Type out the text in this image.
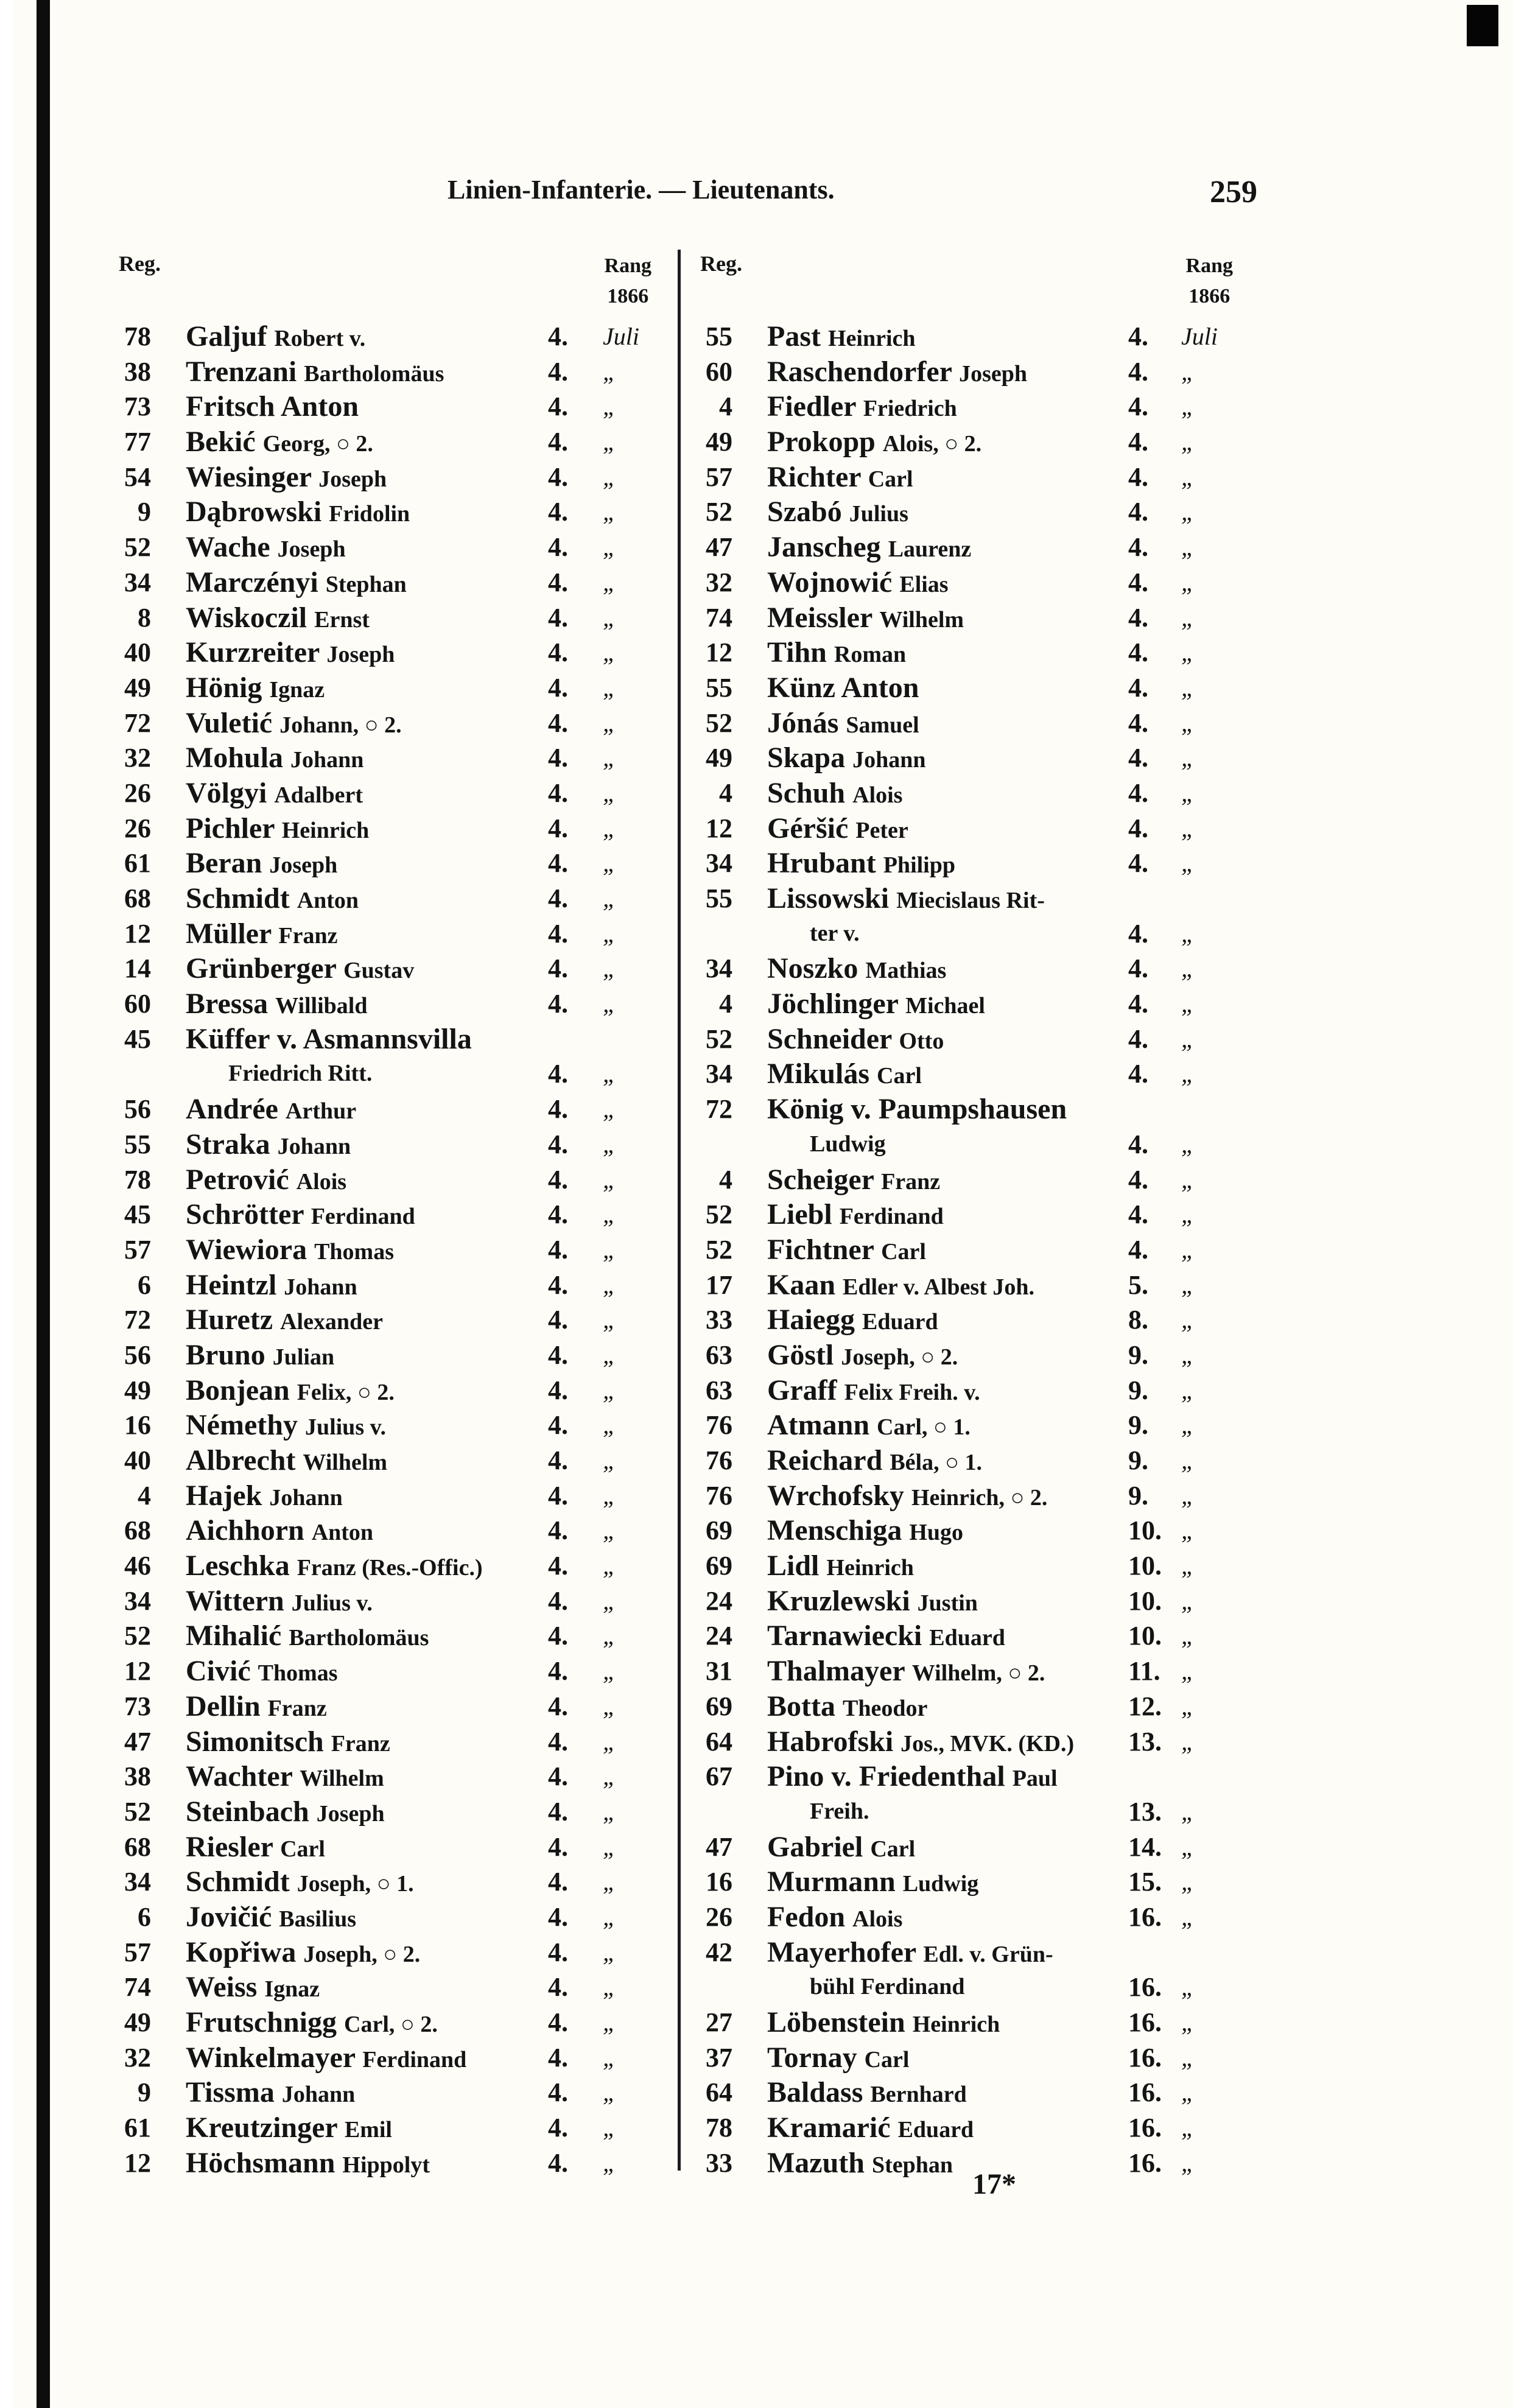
Linien-Infanterie. — Lieutenants.	259
Reg.	Rang
1866
78 Galjuf Robert v.	4. Juli
38 Trenzani Bartholomäus	4. „
73 Fritsch Anton	4. „
77 Bekić Georg, ○ 2.	4. „
54 Wiesinger Joseph	4. „
9 Dąbrowski Fridolin	4. „
52 Wache Joseph	4. „
34 Marczényi Stephan	4. „
8 Wiskoczil Ernst	4. „
40 Kurzreiter Joseph	4. „
49 Hönig Ignaz	4. „
72 Vuletić Johann, ○ 2.	4. „
32 Mohula Johann	4. „
26 Völgyi Adalbert	4. „
26 Pichler Heinrich	4. „
61 Beran Joseph	4. „
68 Schmidt Anton	4. „
12 Müller Franz	4. „
14 Grünberger Gustav	4. „
60 Bressa Willibald	4. „
45 Küffer v. Asmannsvilla
Friedrich Ritt.	4. „
56 Andrée Arthur	4. „
55 Straka Johann	4. „
78 Petrović Alois	4. „
45 Schrötter Ferdinand	4. „
57 Wiewiora Thomas	4. „
6 Heintzl Johann	4. „
72 Huretz Alexander	4. „
56 Bruno Julian	4. „
49 Bonjean Felix, ○ 2.	4. „
16 Némethy Julius v.	4. „
40 Albrecht Wilhelm	4. „
4 Hajek Johann	4. „
68 Aichhorn Anton	4. „
46 Leschka Franz (Res.-Offic.) 4. „
34 Wittern Julius v.	4. „
52 Mihalić Bartholomäus	4. „
12 Civić Thomas	4. „
73 Dellin Franz	4. „
47 Simonitsch Franz	4. „
38 Wachter Wilhelm	4. „
52 Steinbach Joseph	4. „
68 Riesler Carl	4. „
34 Schmidt Joseph, ○ 1.	4. „
6 Jovičić Basilius	4. „
57 Kopřiwa Joseph, ○ 2.	4. „
74 Weiss Ignaz	4. „
49 Frutschnigg Carl, ○ 2.	4. „
32 Winkelmayer Ferdinand	4. „
9 Tissma Johann	4. „
61 Kreutzinger Emil	4. „
12 Höchsmann Hippolyt	4. „
Reg.	Rang
1866
55 Past Heinrich	4. Juli
60 Raschendorfer Joseph	4. „
4 Fiedler Friedrich	4. „
49 Prokopp Alois, ○ 2.	4. „
57 Richter Carl	4. „
52 Szabó Julius	4. „
47 Janscheg Laurenz	4. „
32 Wojnowić Elias	4. „
74 Meissler Wilhelm	4. „
12 Tihn Roman	4. „
55 Künz Anton	4. „
52 Jónás Samuel	4. „
49 Skapa Johann	4. „
4 Schuh Alois	4. „
12 Géršić Peter	4. „
34 Hrubant Philipp	4. „
55 Lissowski Miecislaus Rit-
ter v.	4. „
34 Noszko Mathias	4. „
4 Jöchlinger Michael	4. „
52 Schneider Otto	4. „
34 Mikulás Carl	4. „
72 König v. Paumpshausen
Ludwig	4. „
4 Scheiger Franz	4. „
52 Liebl Ferdinand	4. „
52 Fichtner Carl	4. „
17 Kaan Edler v. Albest Joh.	5. „
33 Haiegg Eduard	8. „
63 Göstl Joseph, ○ 2.	9. „
63 Graff Felix Freih. v.	9. „
76 Atmann Carl, ○ 1.	9. „
76 Reichard Béla, ○ 1.	9. „
76 Wrchofsky Heinrich, ○ 2.	9. „
69 Menschiga Hugo	10. „
69 Lidl Heinrich	10. „
24 Kruzlewski Justin	10. „
24 Tarnawiecki Eduard	10. „
31 Thalmayer Wilhelm, ○ 2.	11. „
69 Botta Theodor	12. „
64 Habrofski Jos., MVK. (KD.) 13. „
67 Pino v. Friedenthal Paul
Freih.	13. „
47 Gabriel Carl	14. „
16 Murmann Ludwig	15. „
26 Fedon Alois	16. „
42 Mayerhofer Edl. v. Grün-
bühl Ferdinand	16. „
27 Löbenstein Heinrich	16. „
37 Tornay Carl	16. „
64 Baldass Bernhard	16. „
78 Kramarić Eduard	16. „
33 Mazuth Stephan	16. „
17*
